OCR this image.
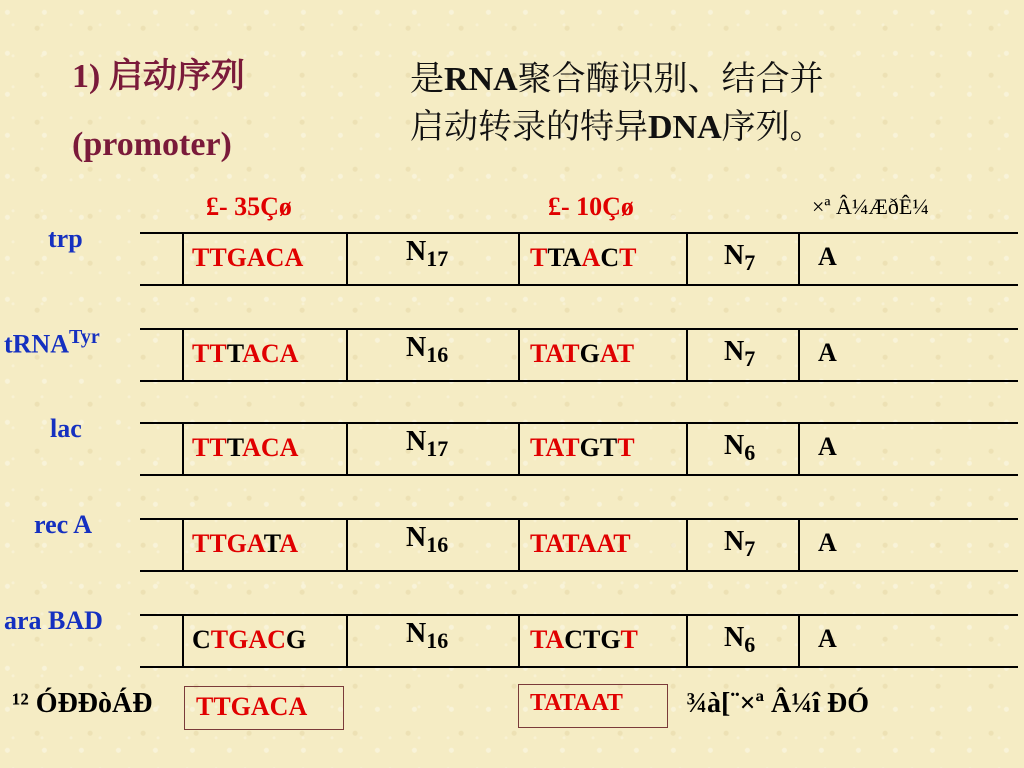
1) 启动序列
(promoter)
是RNA聚合酶识别、结合并
启动转录的特异DNA序列。
£- 35Çø	£- 10Çø	×ª Â¼ÆðÊ¼
trp
TTGACA	$N_{17}$	TTAACT	$N_7$ A
tRNA$^{Tyr}$
TTTACA	$N_{16}$	TATGAT	$N_7$ A
lac
TTTACA	$N_{17}$	TATGTT	$N_6$ A
rec A
TTGATA	$N_{16}$	TATAAT	$N_7$ A
ara BAD
CTGACG	$N_{16}$	TACTGT	$N_6$ A
¹² ÓÐÐòÁÐ TTGACA	TATAAT ¾à[¨×ª Â¼î ÐÓ
